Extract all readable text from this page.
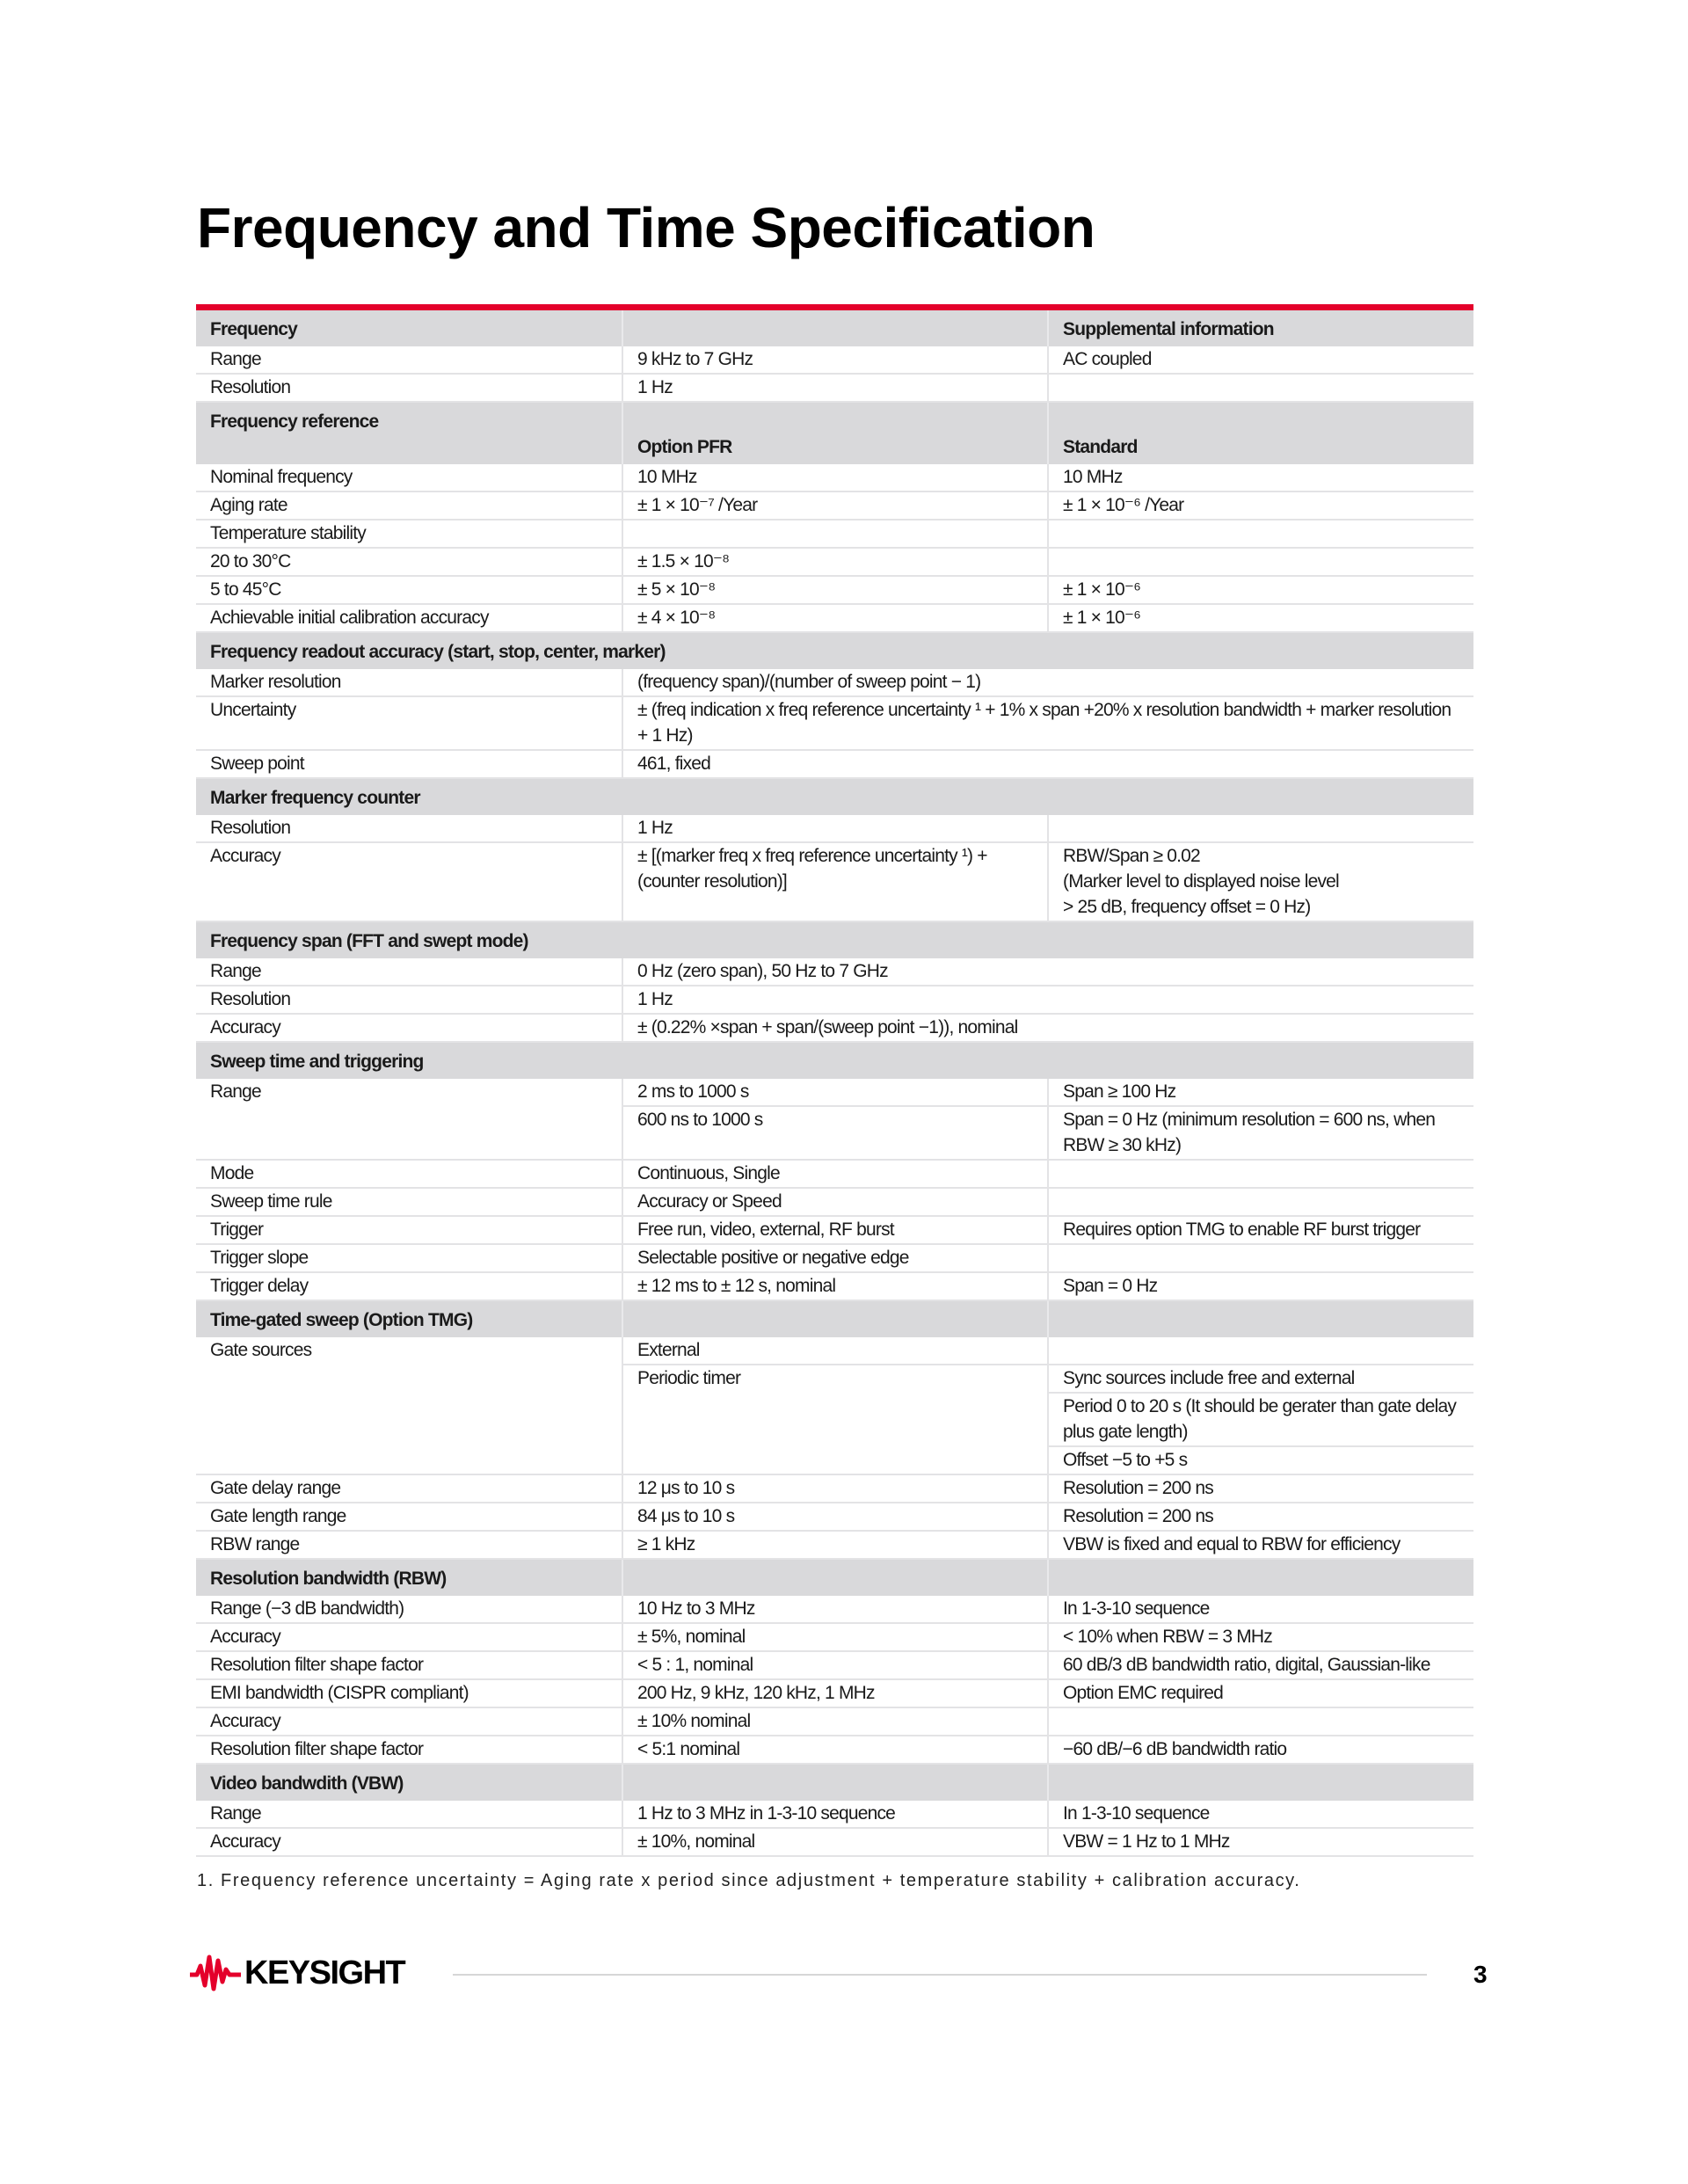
Frequency and Time Specification
Frequency		Supplemental information
Range	9 kHz to 7 GHz	AC coupled
Resolution	1 Hz	
Frequency reference	Option PFR	Standard
Nominal frequency	10 MHz	10 MHz
Aging rate	± 1 × 10⁻⁷ /Year	± 1 × 10⁻⁶ /Year
Temperature stability		
20 to 30°C	± 1.5 × 10⁻⁸	
5 to 45°C	± 5 × 10⁻⁸	± 1 × 10⁻⁶
Achievable initial calibration accuracy	± 4 × 10⁻⁸	± 1 × 10⁻⁶
Frequency readout accuracy (start, stop, center, marker)		
Marker resolution	(frequency span)/(number of sweep point − 1)	
Uncertainty	± (freq indication x freq reference uncertainty ¹ + 1% x span +20% x resolution bandwidth + marker resolution + 1 Hz)	
Sweep point	461, fixed	
Marker frequency counter		
Resolution	1 Hz	
Accuracy	± [(marker freq x freq reference uncertainty ¹) + (counter resolution)]	RBW/Span ≥ 0.02
(Marker level to displayed noise level
> 25 dB, frequency offset = 0 Hz)
Frequency span (FFT and swept mode)		
Range	0 Hz (zero span), 50 Hz to 7 GHz	
Resolution	1 Hz	
Accuracy	± (0.22% ×span + span/(sweep point −1)), nominal	
Sweep time and triggering		
Range	2 ms to 1000 s	Span ≥ 100 Hz
	600 ns to 1000 s	Span = 0 Hz (minimum resolution = 600 ns, when RBW ≥ 30 kHz)
Mode	Continuous, Single	
Sweep time rule	Accuracy or Speed	
Trigger	Free run, video, external, RF burst	Requires option TMG to enable RF burst trigger
Trigger slope	Selectable positive or negative edge	
Trigger delay	± 12 ms to ± 12 s, nominal	Span = 0 Hz
Time-gated sweep (Option TMG)		
Gate sources	External	
	Periodic timer	Sync sources include free and external
		Period 0 to 20 s (It should be gerater than gate delay plus gate length)
		Offset −5 to +5 s
Gate delay range	12 μs to 10 s	Resolution = 200 ns
Gate length range	84 μs to 10 s	Resolution = 200 ns
RBW range	≥ 1 kHz	VBW is fixed and equal to RBW for efficiency
Resolution bandwidth (RBW)		
Range (−3 dB bandwidth)	10 Hz to 3 MHz	In 1-3-10 sequence
Accuracy	± 5%, nominal	< 10% when RBW = 3 MHz
Resolution filter shape factor	< 5 : 1, nominal	60 dB/3 dB bandwidth ratio, digital, Gaussian-like
EMI bandwidth (CISPR compliant)	200 Hz, 9 kHz, 120 kHz, 1 MHz	Option EMC required
Accuracy	± 10% nominal	
Resolution filter shape factor	< 5:1 nominal	−60 dB/−6 dB bandwidth ratio
Video bandwdith (VBW)		
Range	1 Hz to 3 MHz in 1-3-10 sequence	In 1-3-10 sequence
Accuracy	± 10%, nominal	VBW = 1 Hz to 1 MHz
1. Frequency reference uncertainty = Aging rate x period since adjustment + temperature stability + calibration accuracy.
KEYSIGHT	3
